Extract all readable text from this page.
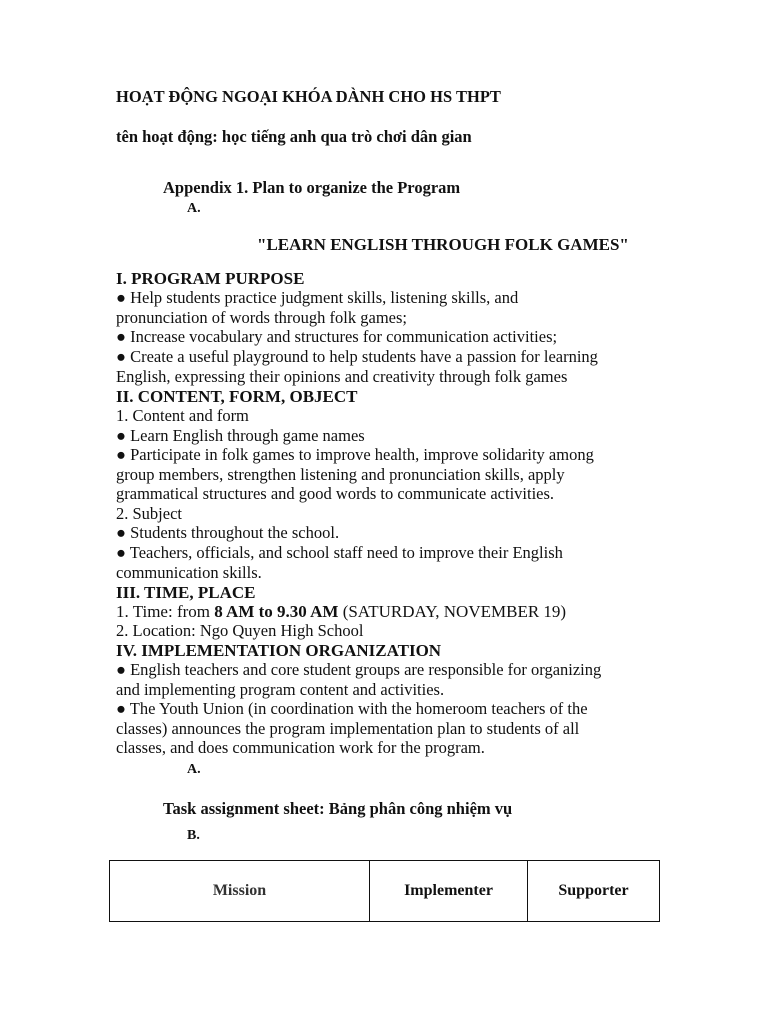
HOẠT ĐỘNG NGOẠI KHÓA DÀNH CHO HS THPT
tên hoạt động: học tiếng anh qua trò chơi dân gian
Appendix 1. Plan to organize the Program
A.
"LEARN ENGLISH THROUGH FOLK GAMES"
I. PROGRAM PURPOSE
● Help students practice judgment skills, listening skills, and
pronunciation of words through folk games;
● Increase vocabulary and structures for communication activities;
● Create a useful playground to help students have a passion for learning
English, expressing their opinions and creativity through folk games
II. CONTENT, FORM, OBJECT
1. Content and form
● Learn English through game names
● Participate in folk games to improve health, improve solidarity among
group members, strengthen listening and pronunciation skills, apply
grammatical structures and good words to communicate activities.
2. Subject
● Students throughout the school.
● Teachers, officials, and school staff need to improve their English
communication skills.
III. TIME, PLACE
1. Time: from 8 AM to 9.30 AM (SATURDAY, NOVEMBER 19)
2. Location: Ngo Quyen High School
IV. IMPLEMENTATION ORGANIZATION
● English teachers and core student groups are responsible for organizing
and implementing program content and activities.
● The Youth Union (in coordination with the homeroom teachers of the
classes) announces the program implementation plan to students of all
classes, and does communication work for the program.
A.
Task assignment sheet: Bảng phân công nhiệm vụ
B.
Mission	Implementer	Supporter
